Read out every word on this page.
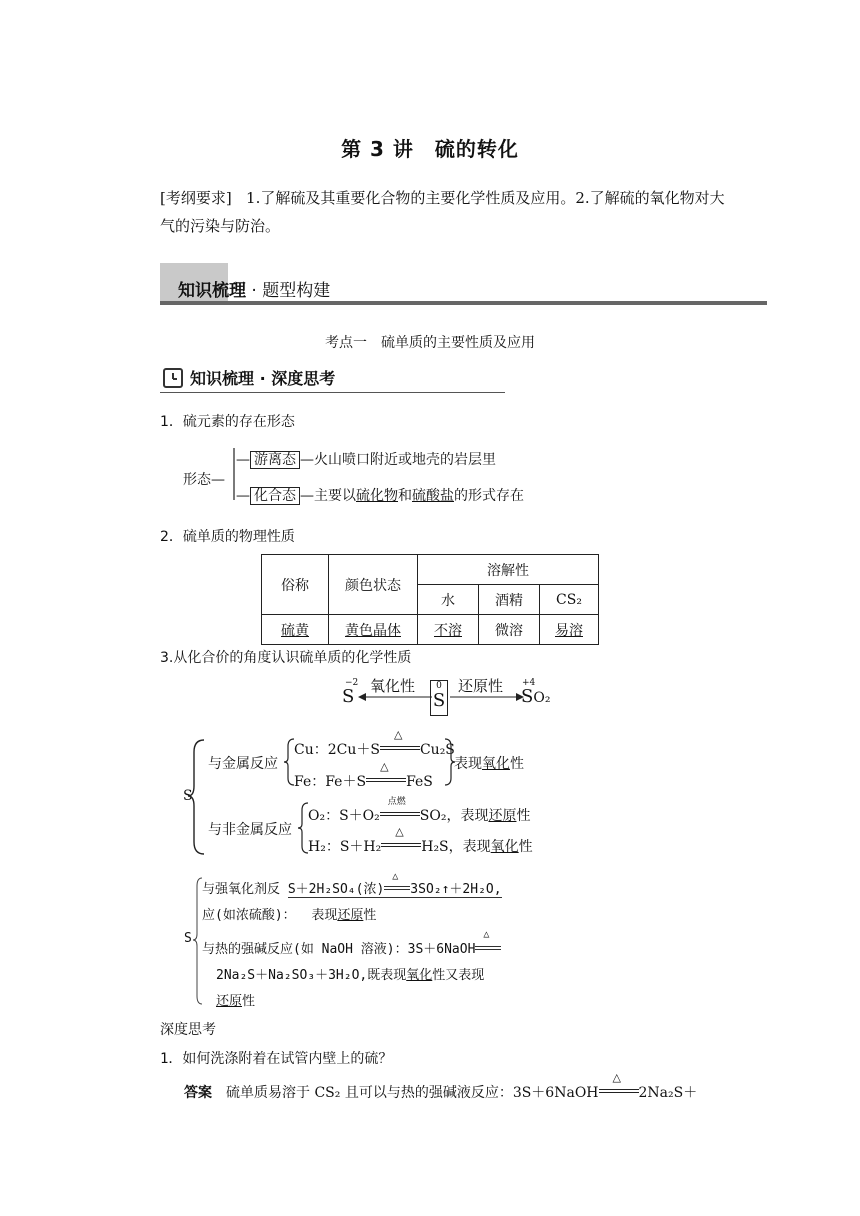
第 3 讲　硫的转化
[考纲要求] 1.了解硫及其重要化合物的主要化学性质及应用。2.了解硫的氧化物对大
气的污染与防治。
知识梳理 · 题型构建
考点一　硫单质的主要性质及应用
知识梳理 · 深度思考
1．硫元素的存在形态
形态—
— 游离态 —火山喷口附近或地壳的岩层里
— 化合态 —主要以硫化物和硫酸盐的形式存在
2．硫单质的物理性质
俗称	颜色状态	溶解性		
		水	酒精	CS₂
硫黄	黄色晶体	不溶	微溶	易溶
3.从化合价的角度认识硫单质的化学性质
−2
S 氧化性	0
S
还原性 +4
SO₂
S
与金属反应
Cu：2Cu＋S
△
Cu₂S
Fe：Fe＋S
△
FeS
表现氧化性
与非金属反应
O₂：S＋O₂
点燃
SO₂，表现还原性
H₂：S＋H₂
△
H₂S，表现氧化性
S
与强氧化剂反 S＋2H₂SO₄(浓)
△
3SO₂↑＋2H₂O,
应(如浓硫酸)： 表现还原性
与热的强碱反应(如 NaOH 溶液)：3S＋6NaOH
△
2Na₂S＋Na₂SO₃＋3H₂O,既表现氧化性又表现
还原性
深度思考
1．如何洗涤附着在试管内壁上的硫？
答案　硫单质易溶于 CS₂ 且可以与热的强碱液反应：3S＋6NaOH
△
2Na₂S＋
